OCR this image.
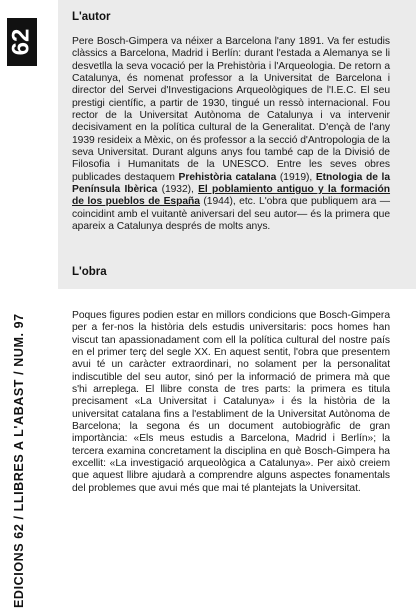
62
EDICIONS 62 / LLIBRES A L'ABAST / NUM. 97
L'autor

Pere Bosch-Gimpera va néixer a Barcelona l'any 1891. Va fer estudis clàssics a Barcelona, Madrid i Berlín: durant l'estada a Alemanya se li desvetlla la seva vocació per la Prehistòria i l'Arqueologia. De retorn a Catalunya, és nomenat professor a la Universitat de Barcelona i director del Servei d'Investigacions Arqueològiques de l'I.E.C. El seu prestigi científic, a partir de 1930, tingué un ressò internacional. Fou rector de la Universitat Autònoma de Catalunya i va intervenir decisivament en la política cultural de la Generalitat. D'ençà de l'any 1939 resideix a Mèxic, on és professor a la secció d'Antropologia de la seva Universitat. Durant alguns anys fou també cap de la Divisió de Filosofia i Humanitats de la UNESCO. Entre les seves obres publicades destaquem Prehistòria catalana (1919), Etnologia de la Península Ibèrica (1932), El poblamiento antiguo y la formación de los pueblos de España (1944), etc. L'obra que publiquem ara —coincidint amb el vuitantè aniversari del seu autor— és la primera que apareix a Catalunya després de molts anys.

L'obra

Poques figures podien estar en millors condicions que Bosch-Gimpera per a fer-nos la història dels estudis universitaris: pocs homes han viscut tan apassionadament com ell la política cultural del nostre país en el primer terç del segle XX. En aquest sentit, l'obra que presentem avui té un caràcter extraordinari, no solament per la personalitat indiscutible del seu autor, sinó per la informació de primera mà que s'hi arreplega. El llibre consta de tres parts: la primera es titula precisament «La Universitat i Catalunya» i és la història de la universitat catalana fins a l'establiment de la Universitat Autònoma de Barcelona; la segona és un document autobiogràfic de gran importància: «Els meus estudis a Barcelona, Madrid i Berlín»; la tercera examina concretament la disciplina en què Bosch-Gimpera ha excellit: «La investigació arqueològica a Catalunya». Per això creiem que aquest llibre ajudarà a comprendre alguns aspectes fonamentals del problemes que avui més que mai té plantejats la Universitat.
